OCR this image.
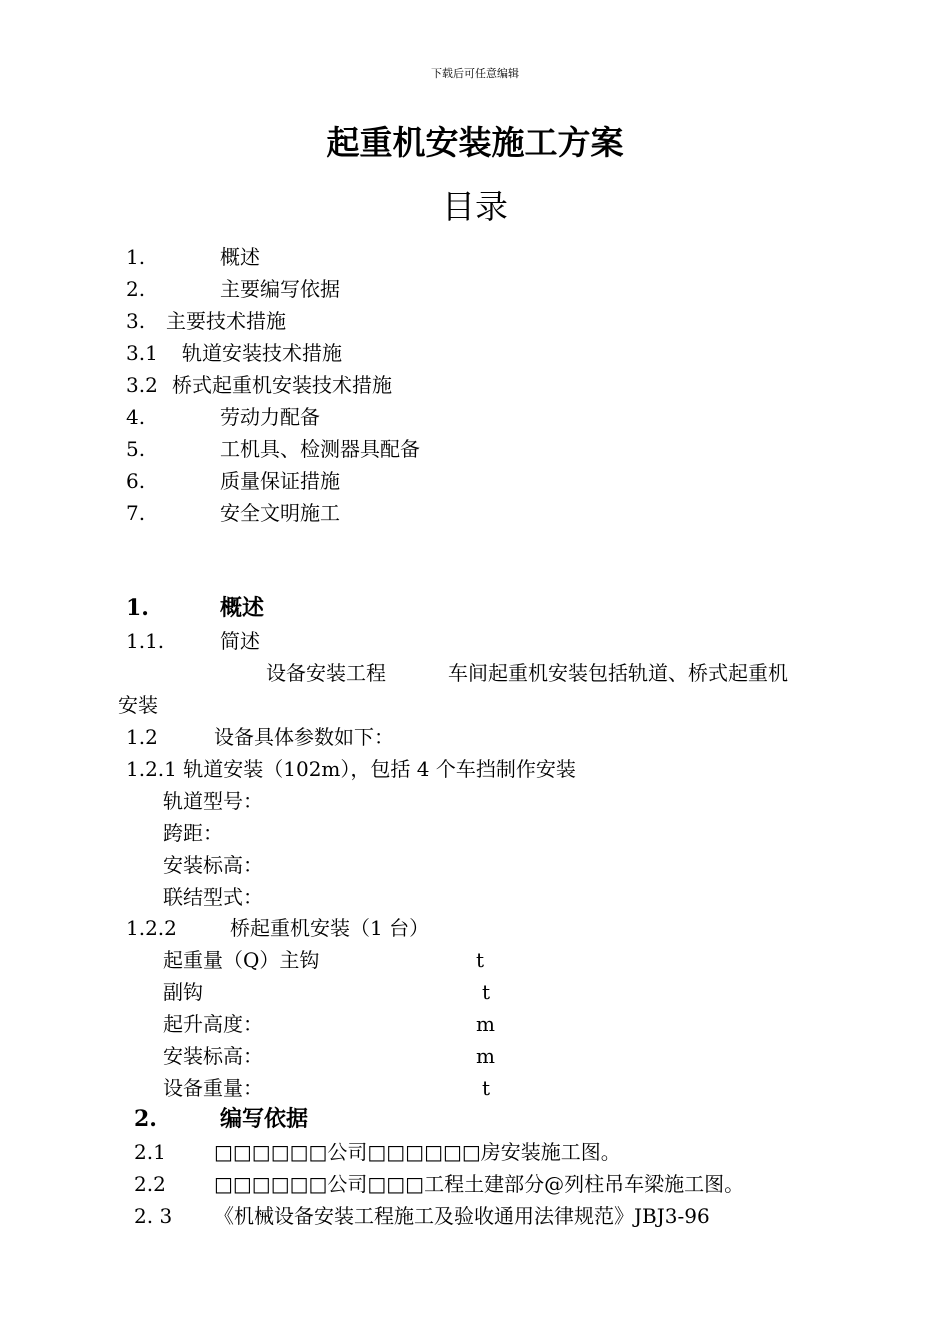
下载后可任意编辑
起重机安装施工方案
目录
1.	概述
2.	主要编写依据
3. 主要技术措施
3.1 轨道安装技术措施
3.2 桥式起重机安装技术措施
4.	劳动力配备
5.	工机具、检测器具配备
6.	质量保证措施
7.	安全文明施工
1.	概述
1.1.	简述
设备安装工程	车间起重机安装包括轨道、桥式起重机
安装
1.2	设备具体参数如下：
1.2.1 轨道安装（102m），包括 4 个车挡制作安装
轨道型号：
跨距：
安装标高：
联结型式：
1.2.2	桥起重机安装（1 台）
起重量（Q）主钩	t
副钩	t
起升高度：	m
安装标高：	m
设备重量：	t
2.	编写依据
2.1 □□□□□□公司□□□□□□房安装施工图。
2.2 □□□□□□公司□□□工程土建部分@列柱吊车梁施工图。
2. 3 《机械设备安装工程施工及验收通用法律规范》JBJ3-96
